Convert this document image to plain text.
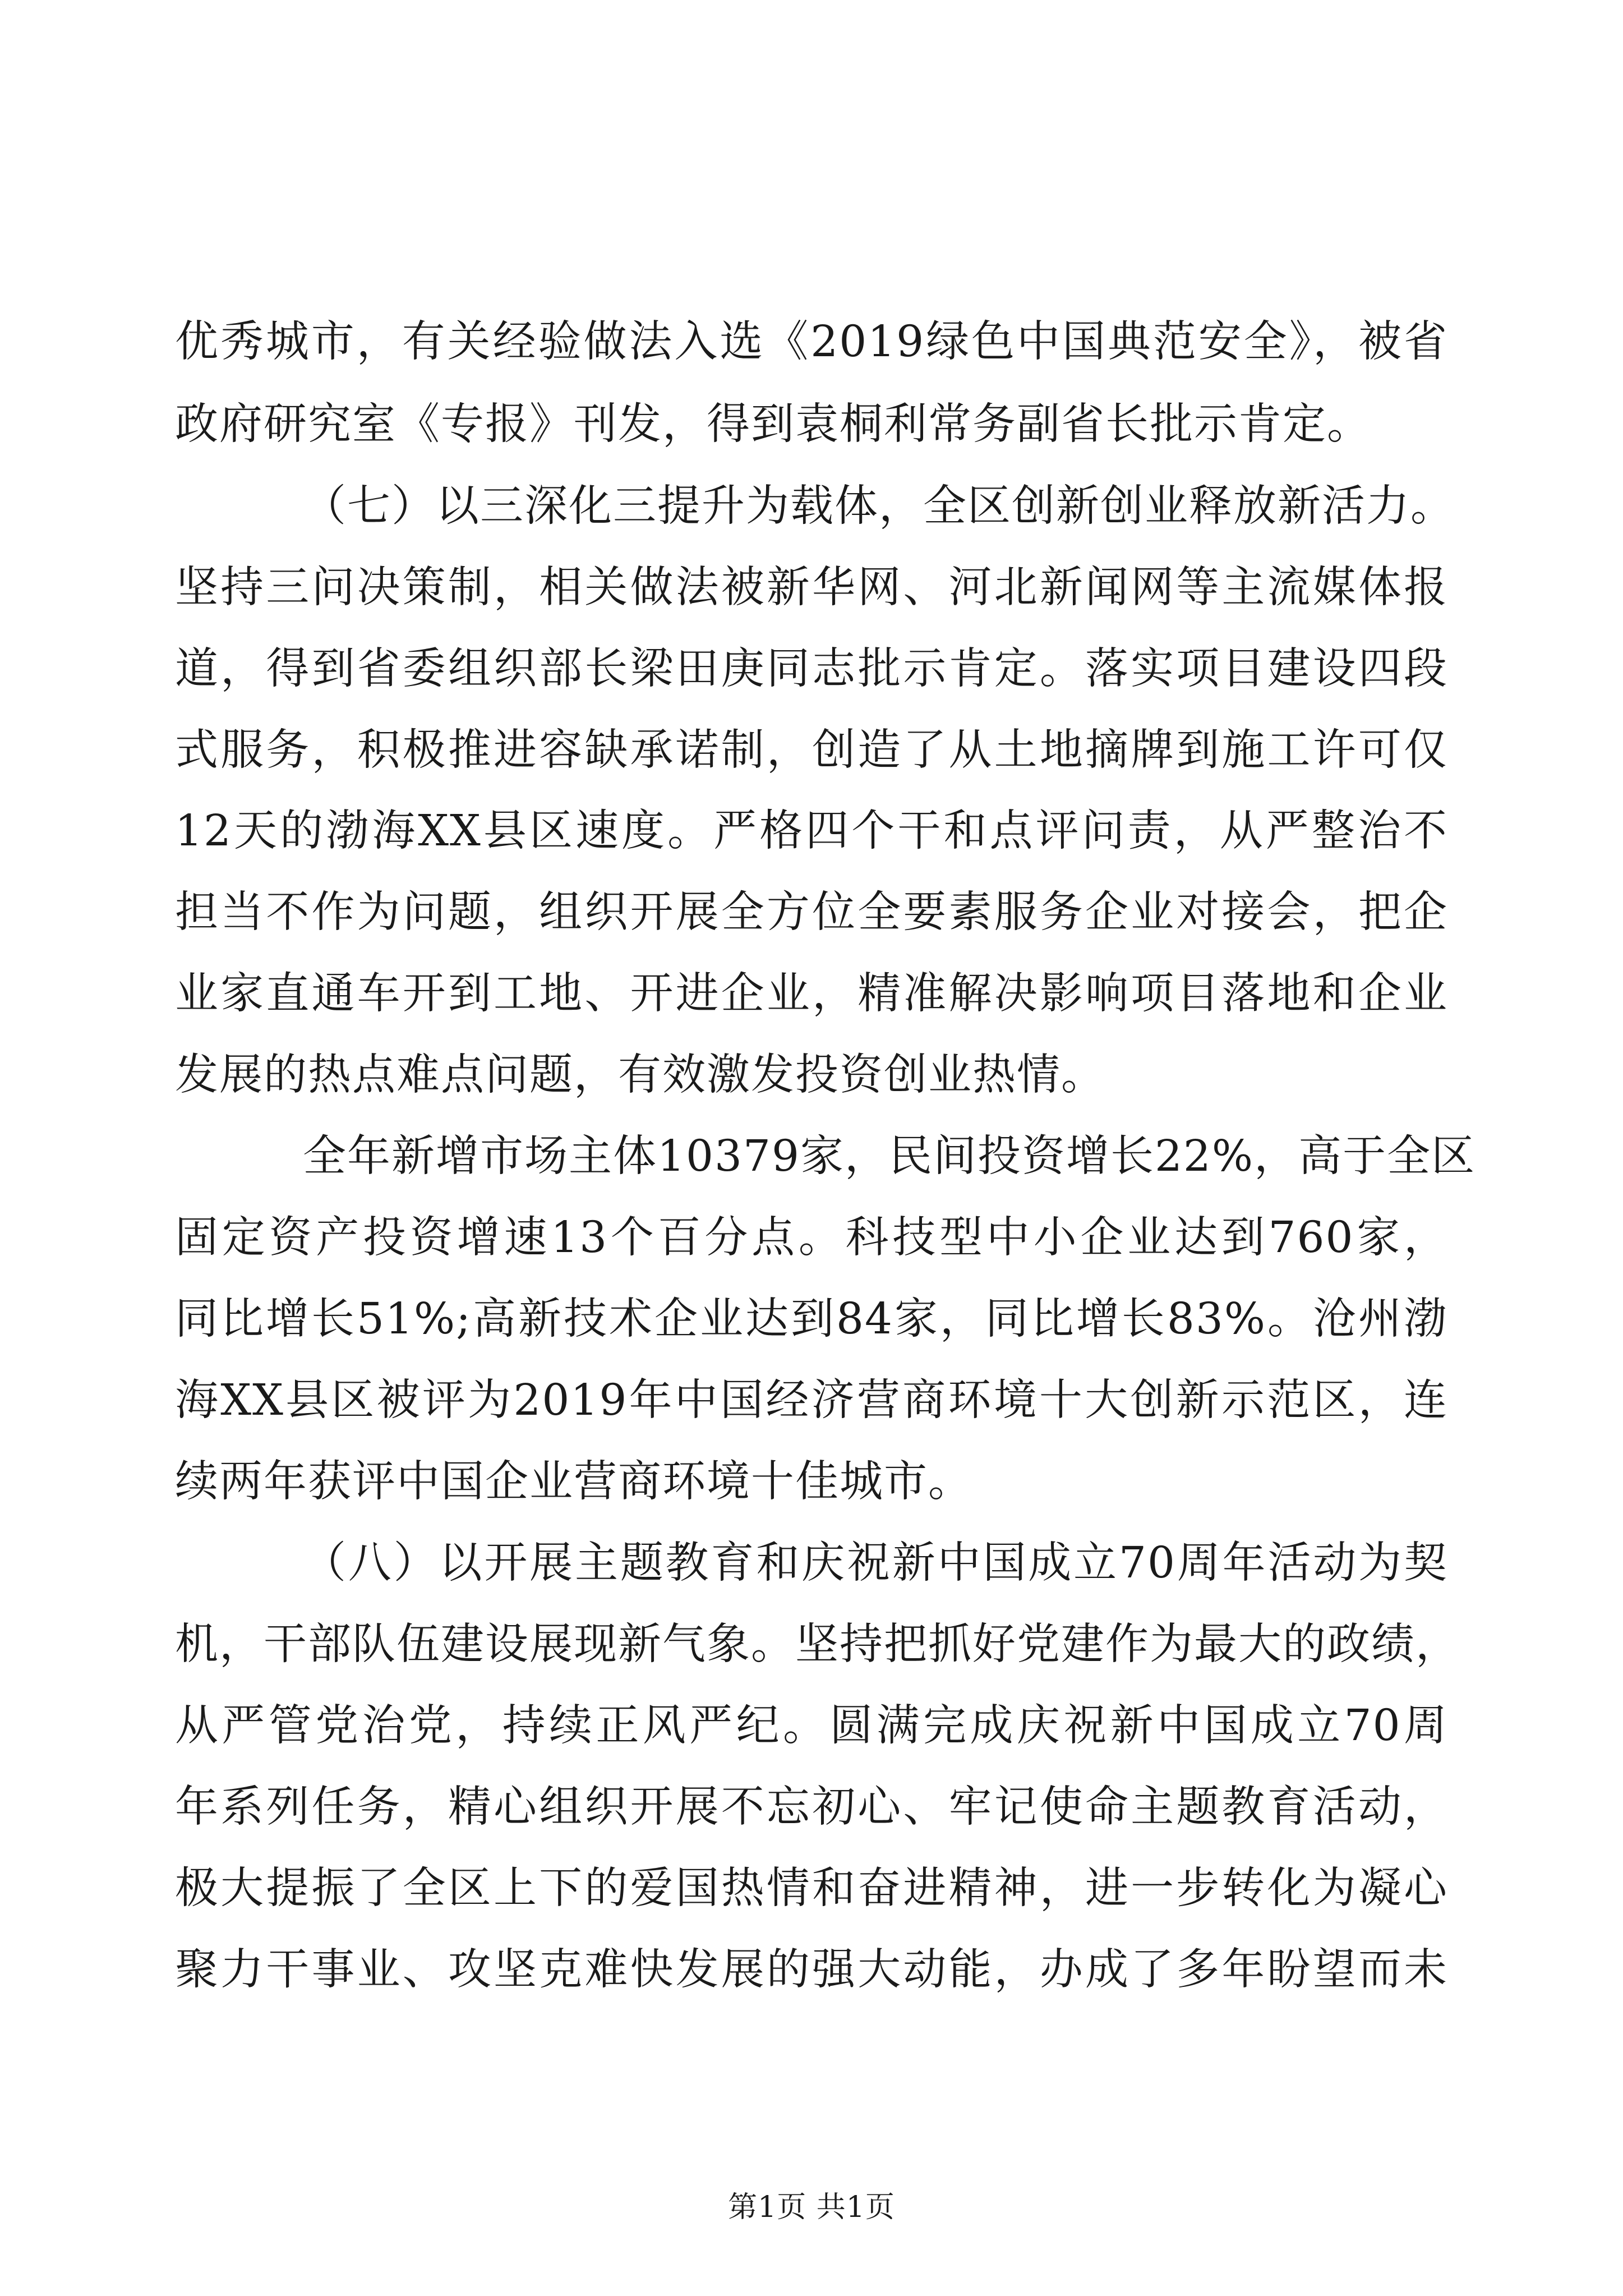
优秀城市，有关经验做法入选《2019绿色中国典范安全》，被省
政府研究室《专报》刊发，得到袁桐利常务副省长批示肯定。
（七）以三深化三提升为载体，全区创新创业释放新活力。
坚持三问决策制，相关做法被新华网、河北新闻网等主流媒体报
道，得到省委组织部长梁田庚同志批示肯定。落实项目建设四段
式服务，积极推进容缺承诺制，创造了从土地摘牌到施工许可仅
12天的渤海XX县区速度。严格四个干和点评问责，从严整治不
担当不作为问题，组织开展全方位全要素服务企业对接会，把企
业家直通车开到工地、开进企业，精准解决影响项目落地和企业
发展的热点难点问题，有效激发投资创业热情。
全年新增市场主体10379家，民间投资增长22%，高于全区
固定资产投资增速13个百分点。科技型中小企业达到760家，
同比增长51%;高新技术企业达到84家，同比增长83%。沧州渤
海XX县区被评为2019年中国经济营商环境十大创新示范区，连
续两年获评中国企业营商环境十佳城市。
（八）以开展主题教育和庆祝新中国成立70周年活动为契
机，干部队伍建设展现新气象。坚持把抓好党建作为最大的政绩，
从严管党治党，持续正风严纪。圆满完成庆祝新中国成立70周
年系列任务，精心组织开展不忘初心、牢记使命主题教育活动，
极大提振了全区上下的爱国热情和奋进精神，进一步转化为凝心
聚力干事业、攻坚克难快发展的强大动能，办成了多年盼望而未
第1页 共1页
